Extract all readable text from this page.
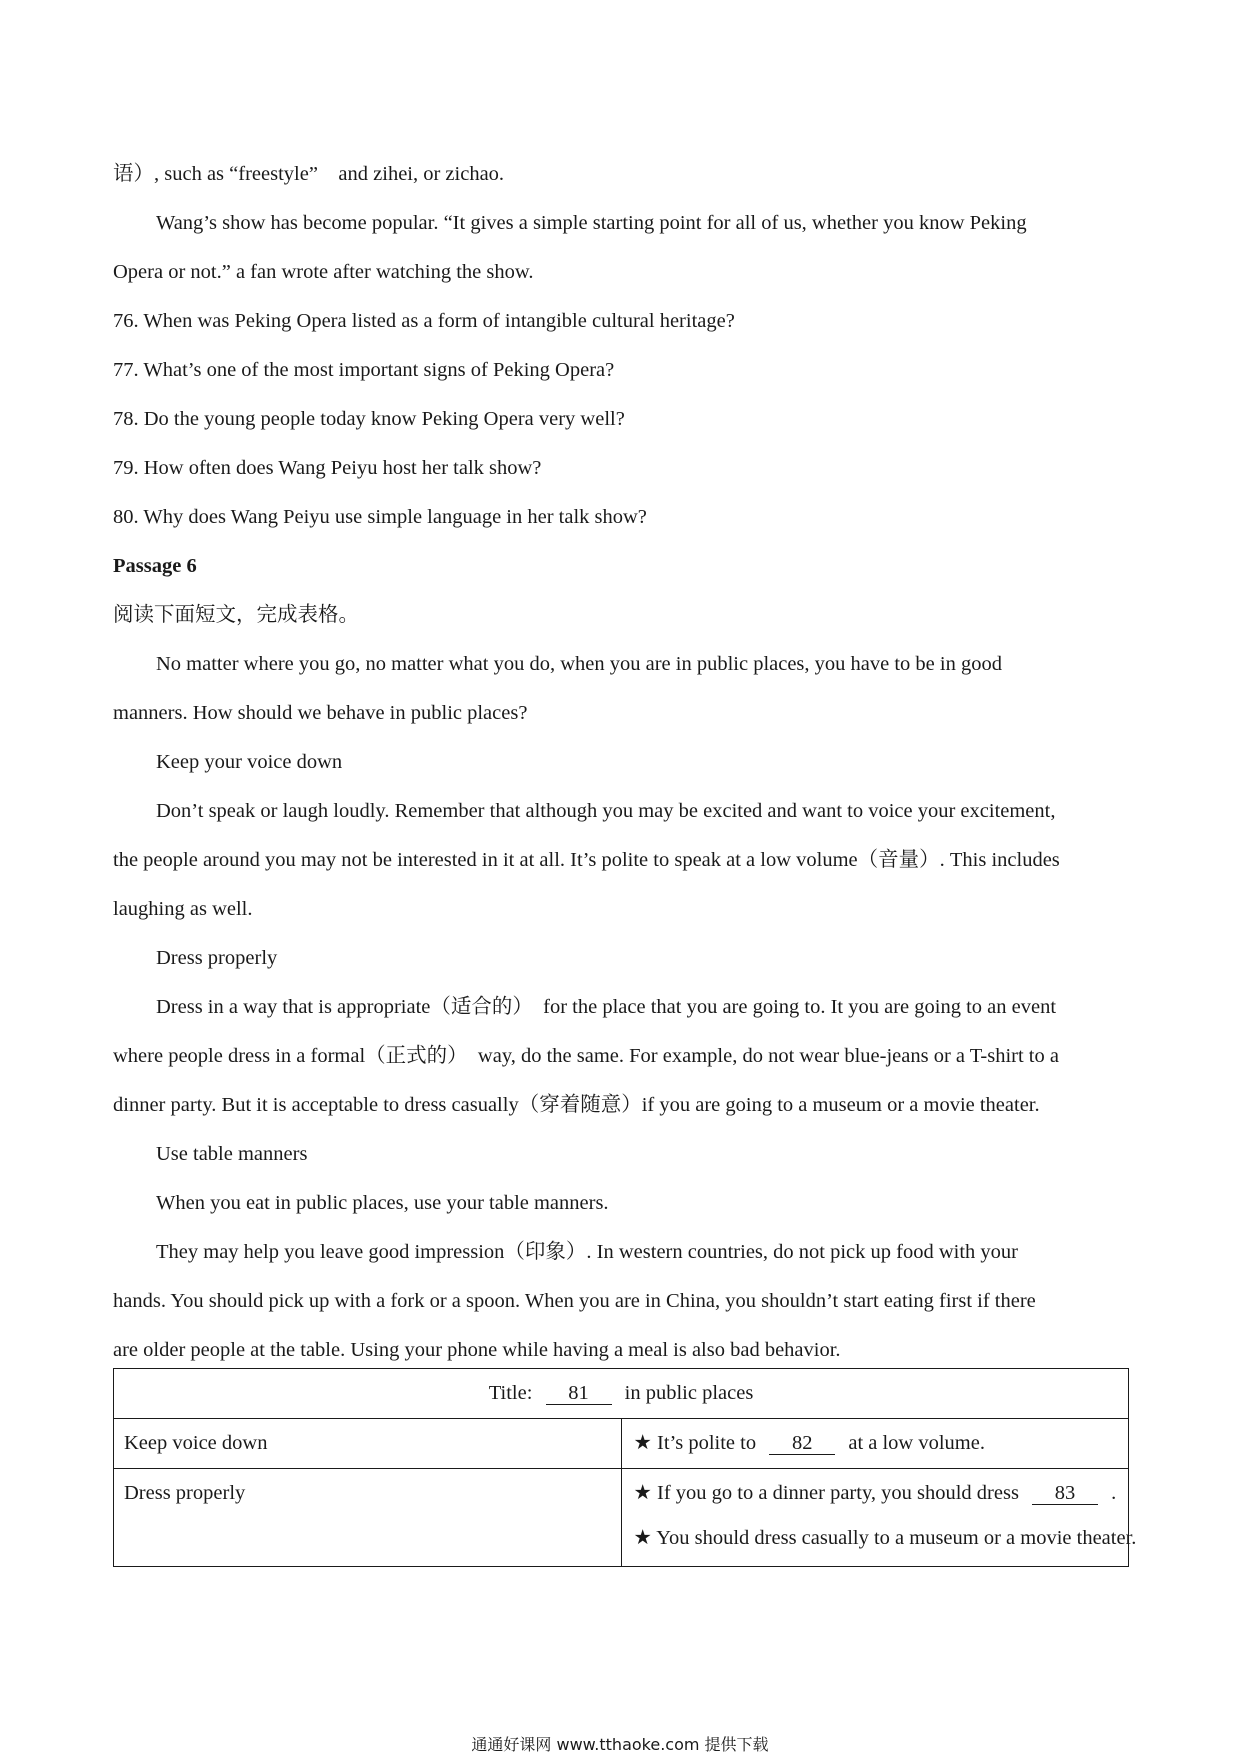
语）, such as “freestyle”　and zihei, or zichao.
Wang’s show has become popular. “It gives a simple starting point for all of us, whether you know Peking
Opera or not.” a fan wrote after watching the show.
76. When was Peking Opera listed as a form of intangible cultural heritage?
77. What’s one of the most important signs of Peking Opera?
78. Do the young people today know Peking Opera very well?
79. How often does Wang Peiyu host her talk show?
80. Why does Wang Peiyu use simple language in her talk show?
Passage 6
阅读下面短文，完成表格。
No matter where you go, no matter what you do, when you are in public places, you have to be in good
manners. How should we behave in public places?
Keep your voice down
Don’t speak or laugh loudly. Remember that although you may be excited and want to voice your excitement,
the people around you may not be interested in it at all. It’s polite to speak at a low volume（音量）. This includes
laughing as well.
Dress properly
Dress in a way that is appropriate（适合的）　for the place that you are going to. It you are going to an event
where people dress in a formal（正式的）　way, do the same. For example, do not wear blue-jeans or a T-shirt to a
dinner party. But it is acceptable to dress casually（穿着随意）if you are going to a museum or a movie theater.
Use table manners
When you eat in public places, use your table manners.
They may help you leave good impression（印象）. In western countries, do not pick up food with your
hands. You should pick up with a fork or a spoon. When you are in China, you shouldn’t start eating first if there
are older people at the table. Using your phone while having a meal is also bad behavior.
Title: 81 in public places	

Keep voice down	★ It’s polite to 82 at a low volume.

Dress properly	★ If you go to a dinner party, you should dress 83 .
★ You should dress casually to a museum or a movie theater.
通通好课网 www.tthaoke.com 提供下载
